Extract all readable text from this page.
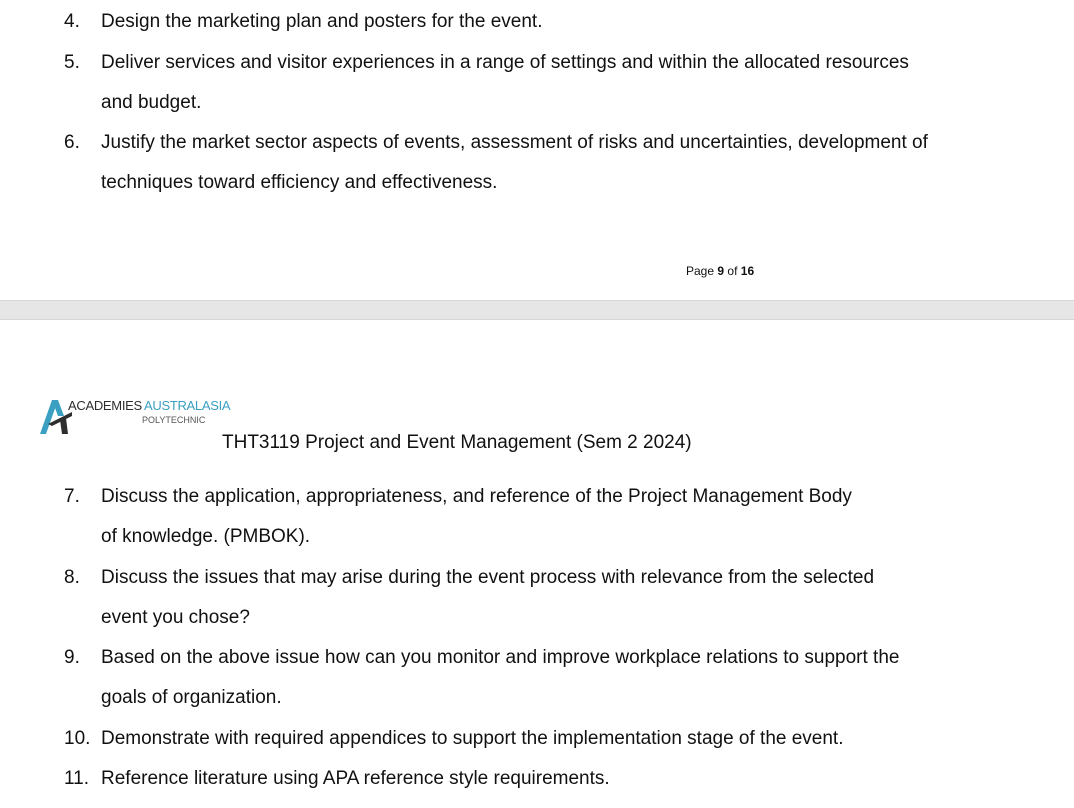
4.	Design the marketing plan and posters for the event.
5.	Deliver services and visitor experiences in a range of settings and within the allocated resources
and budget.
6.	Justify the market sector aspects of events, assessment of risks and uncertainties, development of
techniques toward efficiency and effectiveness.
Page 9 of 16
ACADEMIES AUSTRALASIA
POLYTECHNIC
THT3119 Project and Event Management (Sem 2 2024)
7.	Discuss the application, appropriateness, and reference of the Project Management Body
of knowledge. (PMBOK).
8.	Discuss the issues that may arise during the event process with relevance from the selected
event you chose?
9.	Based on the above issue how can you monitor and improve workplace relations to support the
goals of organization.
10. Demonstrate with required appendices to support the implementation stage of the event.
11. Reference literature using APA reference style requirements.
